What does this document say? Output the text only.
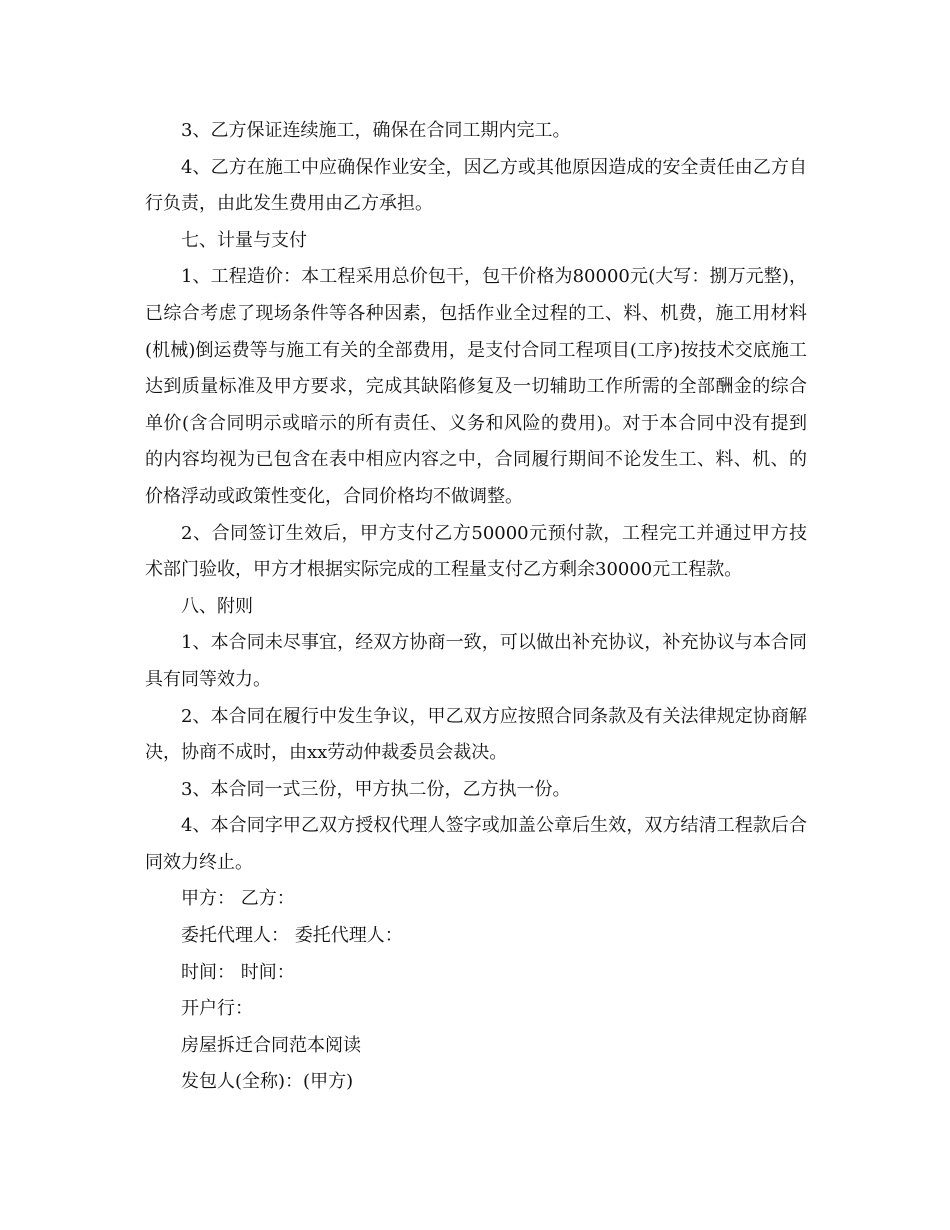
3、乙方保证连续施工，确保在合同工期内完工。

4、乙方在施工中应确保作业安全，因乙方或其他原因造成的安全责任由乙方自行负责，由此发生费用由乙方承担。

七、计量与支付

1、工程造价：本工程采用总价包干，包干价格为80000元(大写：捌万元整)，已综合考虑了现场条件等各种因素，包括作业全过程的工、料、机费，施工用材料(机械)倒运费等与施工有关的全部费用，是支付合同工程项目(工序)按技术交底施工达到质量标准及甲方要求，完成其缺陷修复及一切辅助工作所需的全部酬金的综合单价(含合同明示或暗示的所有责任、义务和风险的费用)。对于本合同中没有提到的内容均视为已包含在表中相应内容之中，合同履行期间不论发生工、料、机、的价格浮动或政策性变化，合同价格均不做调整。

2、合同签订生效后，甲方支付乙方50000元预付款，工程完工并通过甲方技术部门验收，甲方才根据实际完成的工程量支付乙方剩余30000元工程款。

八、附则

1、本合同未尽事宜，经双方协商一致，可以做出补充协议，补充协议与本合同具有同等效力。

2、本合同在履行中发生争议，甲乙双方应按照合同条款及有关法律规定协商解决，协商不成时，由xx劳动仲裁委员会裁决。

3、本合同一式三份，甲方执二份，乙方执一份。

4、本合同字甲乙双方授权代理人签字或加盖公章后生效，双方结清工程款后合同效力终止。

甲方： 乙方：

委托代理人： 委托代理人：

时间： 时间：

开户行：

房屋拆迁合同范本阅读

发包人(全称)：(甲方)
